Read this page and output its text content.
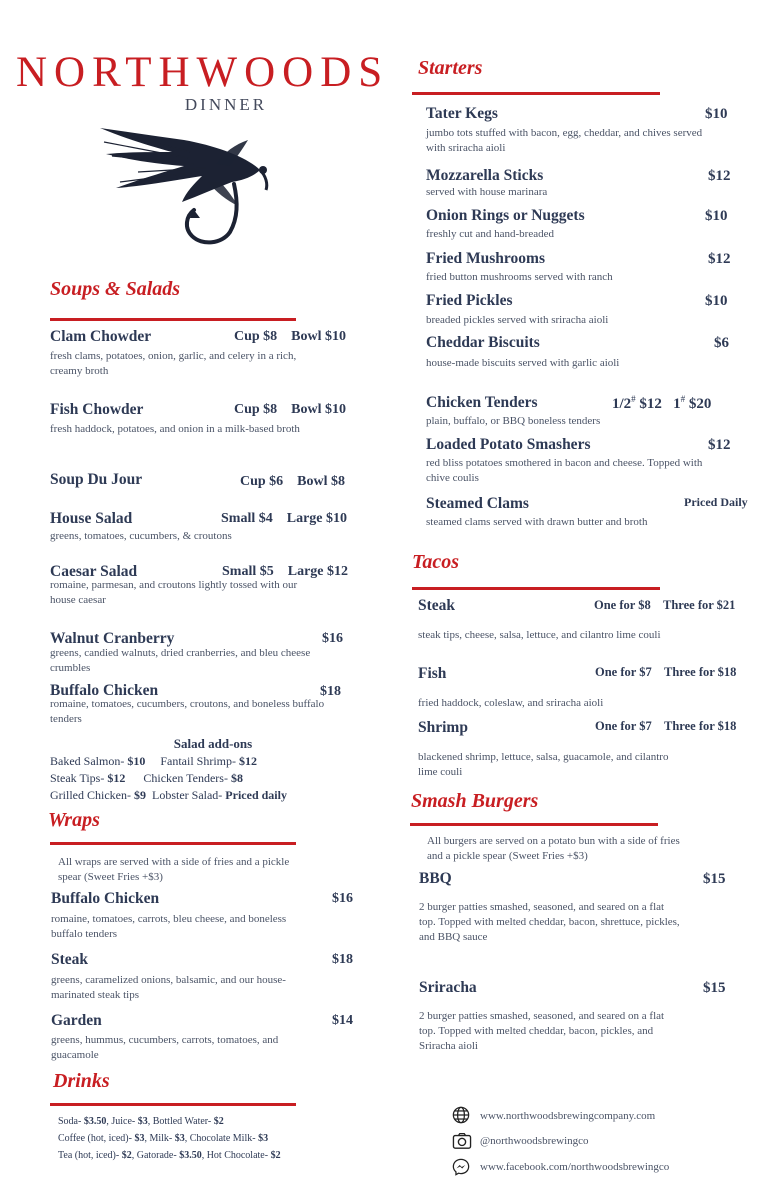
NORTHWOODS
DINNER
Soups & Salads
Clam Chowder	Cup $8    Bowl $10
fresh clams, potatoes, onion, garlic, and celery in a rich, creamy broth
Fish Chowder	Cup $8    Bowl $10
fresh haddock, potatoes, and onion in a milk-based broth
Soup Du Jour	Cup $6    Bowl $8
House Salad	Small $4    Large $10
greens, tomatoes, cucumbers, & croutons
Caesar Salad	Small $5    Large $12
romaine, parmesan, and croutons lightly tossed with our house caesar
Walnut Cranberry	$16
greens, candied walnuts, dried cranberries, and bleu cheese crumbles
Buffalo Chicken	$18
romaine, tomatoes, cucumbers, croutons, and boneless buffalo tenders
Salad add-ons
Baked Salmon- $10     Fantail Shrimp- $12
Steak Tips- $12      Chicken Tenders- $8
Grilled Chicken- $9  Lobster Salad- Priced daily
Wraps
All wraps are served with a side of fries and a pickle spear (Sweet Fries +$3)
Buffalo Chicken	$16
romaine, tomatoes, carrots, bleu cheese, and boneless buffalo tenders
Steak	$18
greens, caramelized onions, balsamic, and our house-marinated steak tips
Garden	$14
greens, hummus, cucumbers, carrots, tomatoes, and guacamole
Drinks
Soda- $3.50, Juice- $3, Bottled Water- $2
Coffee (hot, iced)- $3, Milk- $3, Chocolate Milk- $3
Tea (hot, iced)- $2, Gatorade- $3.50, Hot Chocolate- $2
Starters
Tater Kegs	$10
jumbo tots stuffed with bacon, egg, cheddar, and chives served with sriracha aioli
Mozzarella Sticks	$12
served with house marinara
Onion Rings or Nuggets	$10
freshly cut and hand-breaded
Fried Mushrooms	$12
fried button mushrooms served with ranch
Fried Pickles	$10
breaded pickles served with sriracha aioli
Cheddar Biscuits	$6
house-made biscuits served with garlic aioli
Chicken Tenders	1/2# $12 1# $20
plain, buffalo, or BBQ boneless tenders
Loaded Potato Smashers	$12
red bliss potatoes smothered in bacon and cheese. Topped with chive coulis
Steamed Clams	Priced Daily
steamed clams served with drawn butter and broth
Tacos
Steak	One for $8    Three for $21
steak tips, cheese, salsa, lettuce, and cilantro lime couli
Fish	One for $7    Three for $18
fried haddock, coleslaw, and sriracha aioli
Shrimp	One for $7    Three for $18
blackened shrimp, lettuce, salsa, guacamole, and cilantro lime couli
Smash Burgers
All burgers are served on a potato bun with a side of fries and a pickle spear (Sweet Fries +$3)
BBQ	$15
2 burger patties smashed, seasoned, and seared on a flat top. Topped with melted cheddar, bacon, shrettuce, pickles, and BBQ sauce
Sriracha	$15
2 burger patties smashed, seasoned, and seared on a flat top. Topped with melted cheddar, bacon, pickles, and Sriracha aioli
www.northwoodsbrewingcompany.com
@northwoodsbrewingco
www.facebook.com/northwoodsbrewingco
